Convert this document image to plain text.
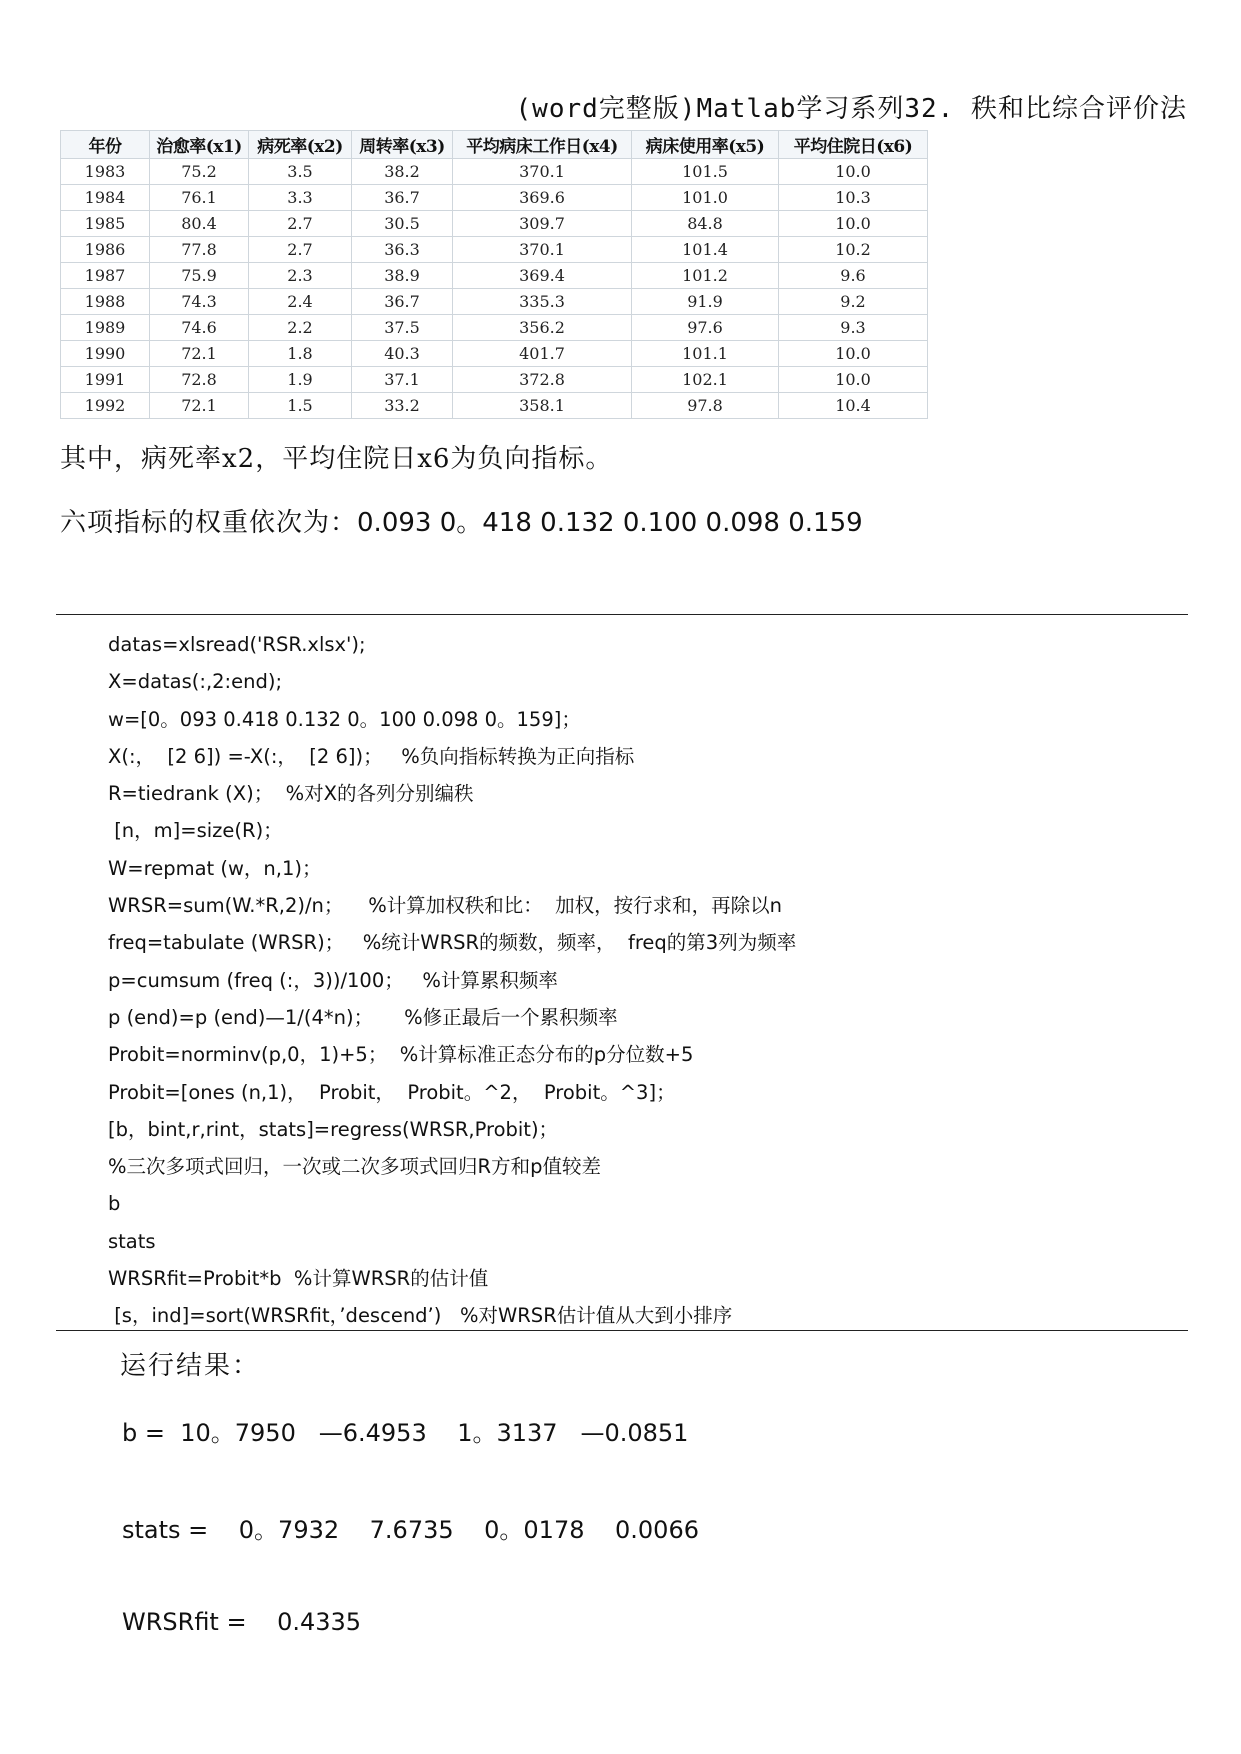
(word完整版)Matlab学习系列32. 秩和比综合评价法
年份	治愈率(x1)	病死率(x2)	周转率(x3)	平均病床工作日(x4)	病床使用率(x5)	平均住院日(x6)
1983	75.2	3.5	38.2	370.1	101.5	10.0
1984	76.1	3.3	36.7	369.6	101.0	10.3
1985	80.4	2.7	30.5	309.7	84.8	10.0
1986	77.8	2.7	36.3	370.1	101.4	10.2
1987	75.9	2.3	38.9	369.4	101.2	9.6
1988	74.3	2.4	36.7	335.3	91.9	9.2
1989	74.6	2.2	37.5	356.2	97.6	9.3
1990	72.1	1.8	40.3	401.7	101.1	10.0
1991	72.8	1.9	37.1	372.8	102.1	10.0
1992	72.1	1.5	33.2	358.1	97.8	10.4
其中，病死率x2，平均住院日x6为负向指标。
六项指标的权重依次为：0.093 0。418 0.132 0.100 0.098 0.159
datas=xlsread('RSR.xlsx');
X=datas(:,2:end);
w=[0。093 0.418 0.132 0。100 0.098 0。159]；
X(:，  [2 6]) =-X(:，  [2 6])；   %负向指标转换为正向指标
R=tiedrank (X)；  %对X的各列分别编秩
[n，m]=size(R)；
W=repmat (w，n,1)；
WRSR=sum(W.*R,2)/n；    %计算加权秩和比：  加权，按行求和，再除以n
freq=tabulate (WRSR)；   %统计WRSR的频数，频率，  freq的第3列为频率
p=cumsum (freq (:，3))/100；   %计算累积频率
p (end)=p (end)—1/(4*n)；     %修正最后一个累积频率
Probit=norminv(p,0，1)+5；  %计算标准正态分布的p分位数+5
Probit=[ones (n,1)，  Probit，  Probit。^2，  Probit。^3]；
[b，bint,r,rint，stats]=regress(WRSR,Probit)；
%三次多项式回归，一次或二次多项式回归R方和p值较差
b
stats
WRSRfit=Probit*b  %计算WRSR的估计值
[s，ind]=sort(WRSRfit，’descend’)   %对WRSR估计值从大到小排序
运行结果：
b =  10。7950   —6.4953    1。3137   —0.0851
stats =    0。7932    7.6735    0。0178    0.0066
WRSRfit =    0.4335
